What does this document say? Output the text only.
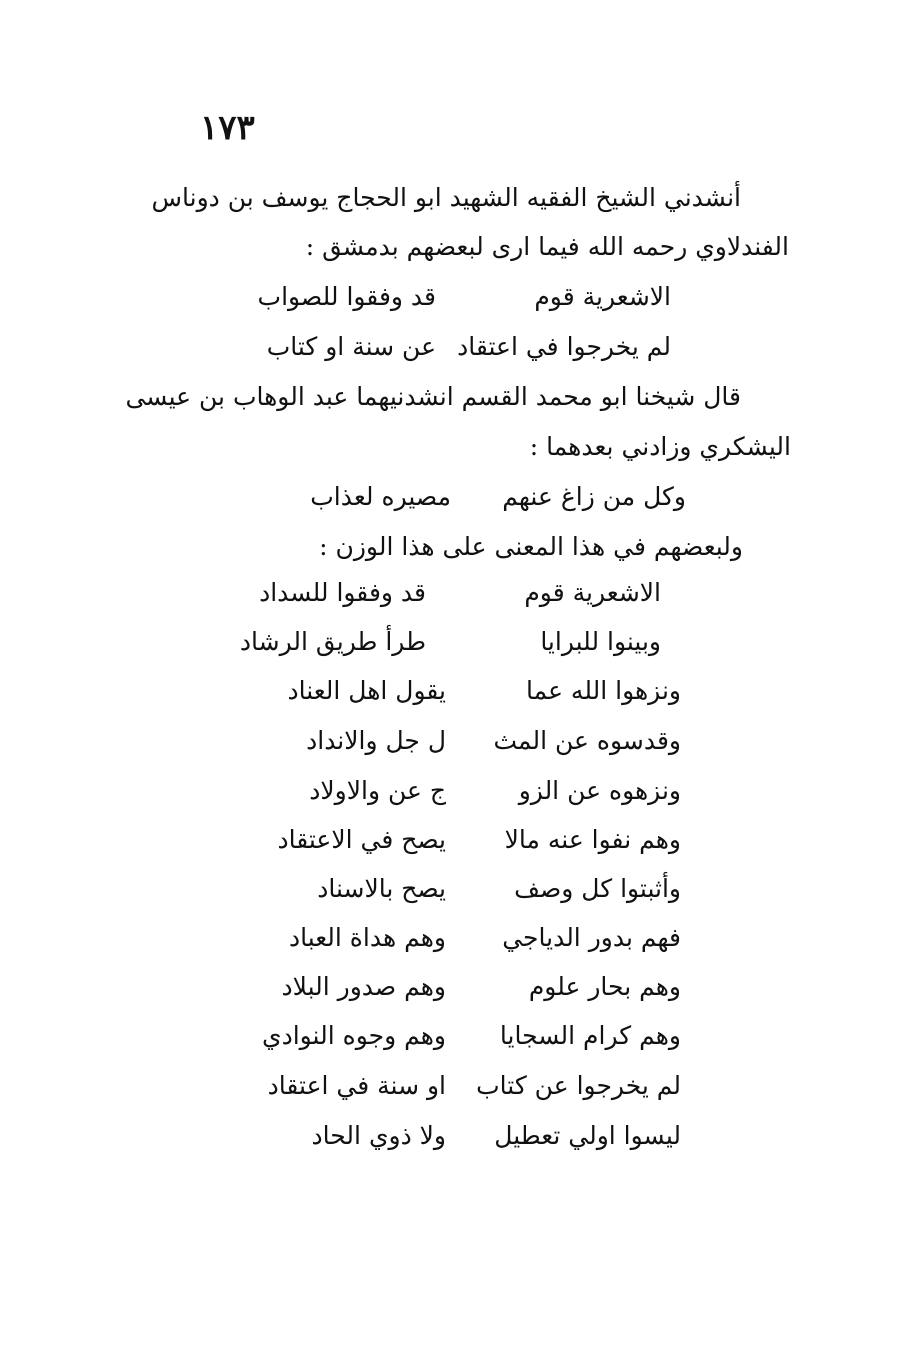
١٧٣
أنشدني الشيخ الفقيه الشهيد ابو الحجاج يوسف بن دوناس
الفندلاوي رحمه الله فيما ارى لبعضهم بدمشق :
الاشعرية قوم
قد وفقوا للصواب
لم يخرجوا في اعتقاد
عن سنة او كتاب
قال شيخنا ابو محمد القسم انشدنيهما عبد الوهاب بن عيسى
اليشكري وزادني بعدهما :
وكل من زاغ عنهم
مصيره لعذاب
ولبعضهم في هذا المعنى على هذا الوزن :
الاشعرية قوم
قد وفقوا للسداد
وبينوا للبرايا
طرأ طريق الرشاد
ونزهوا الله عما
يقول اهل العناد
وقدسوه عن المث
ل جل والانداد
ونزهوه عن الزو
ج عن والاولاد
وهم نفوا عنه مالا
يصح في الاعتقاد
وأثبتوا كل وصف
يصح بالاسناد
فهم بدور الدياجي
وهم هداة العباد
وهم بحار علوم
وهم صدور البلاد
وهم كرام السجايا
وهم وجوه النوادي
لم يخرجوا عن كتاب
او سنة في اعتقاد
ليسوا اولي تعطيل
ولا ذوي الحاد
